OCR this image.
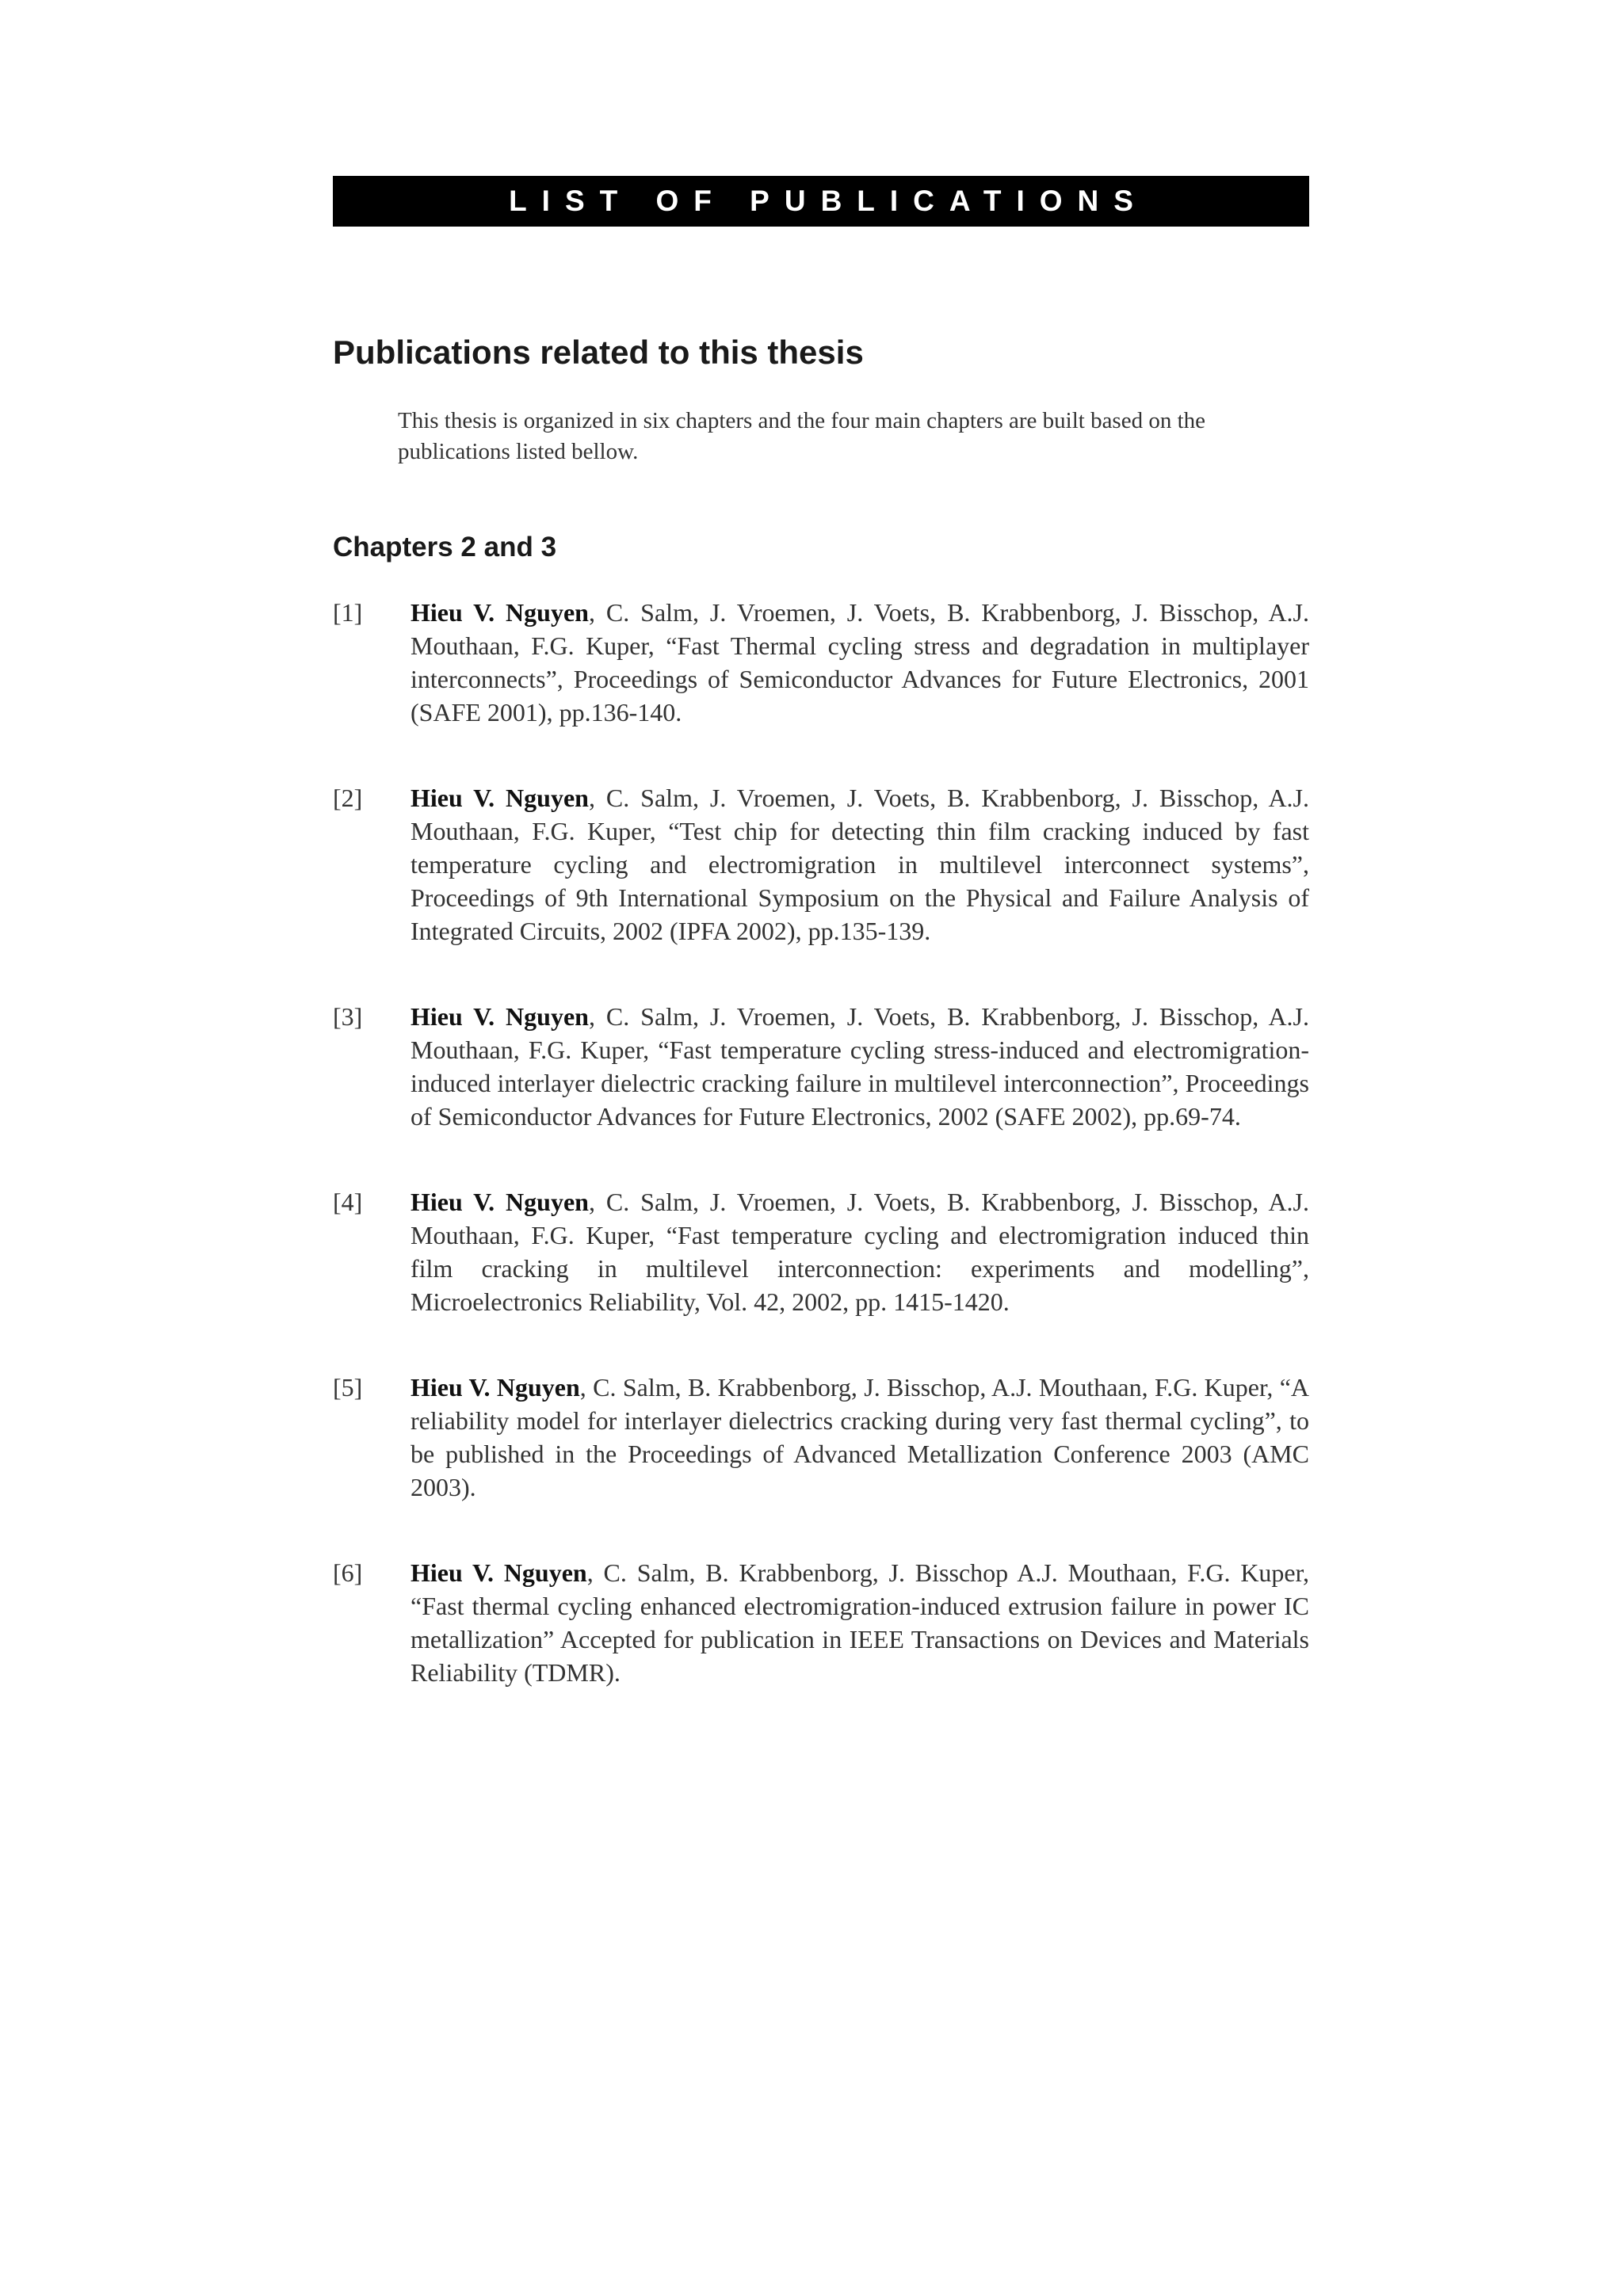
LIST OF PUBLICATIONS
Publications related to this thesis

This thesis is organized in six chapters and the four main chapters are built based on the publications listed bellow.

Chapters 2 and 3
[1]	Hieu V. Nguyen, C. Salm, J. Vroemen, J. Voets, B. Krabbenborg, J. Bisschop, A.J. Mouthaan, F.G. Kuper, “Fast Thermal cycling stress and degradation in multiplayer interconnects”, Proceedings of Semiconductor Advances for Future Electronics, 2001 (SAFE 2001), pp.136-140.
[2]	Hieu V. Nguyen, C. Salm, J. Vroemen, J. Voets, B. Krabbenborg, J. Bisschop, A.J. Mouthaan, F.G. Kuper, “Test chip for detecting thin film cracking induced by fast temperature cycling and electromigration in multilevel interconnect systems”, Proceedings of 9th International Symposium on the Physical and Failure Analysis of Integrated Circuits, 2002 (IPFA 2002), pp.135-139.
[3]	Hieu V. Nguyen, C. Salm, J. Vroemen, J. Voets, B. Krabbenborg, J. Bisschop, A.J. Mouthaan, F.G. Kuper, “Fast temperature cycling stress-induced and electromigration-induced interlayer dielectric cracking failure in multilevel interconnection”, Proceedings of Semiconductor Advances for Future Electronics, 2002 (SAFE 2002), pp.69-74.
[4]	Hieu V. Nguyen, C. Salm, J. Vroemen, J. Voets, B. Krabbenborg, J. Bisschop, A.J. Mouthaan, F.G. Kuper, “Fast temperature cycling and electromigration induced thin film cracking in multilevel interconnection: experiments and modelling”, Microelectronics Reliability, Vol. 42, 2002, pp. 1415-1420.
[5]	Hieu V. Nguyen, C. Salm, B. Krabbenborg, J. Bisschop, A.J. Mouthaan, F.G. Kuper, “A reliability model for interlayer dielectrics cracking during very fast thermal cycling”, to be published in the Proceedings of Advanced Metallization Conference 2003 (AMC 2003).
[6]	Hieu V. Nguyen, C. Salm, B. Krabbenborg, J. Bisschop A.J. Mouthaan, F.G. Kuper, “Fast thermal cycling enhanced electromigration-induced extrusion failure in power IC metallization” Accepted for publication in IEEE Transactions on Devices and Materials Reliability (TDMR).
